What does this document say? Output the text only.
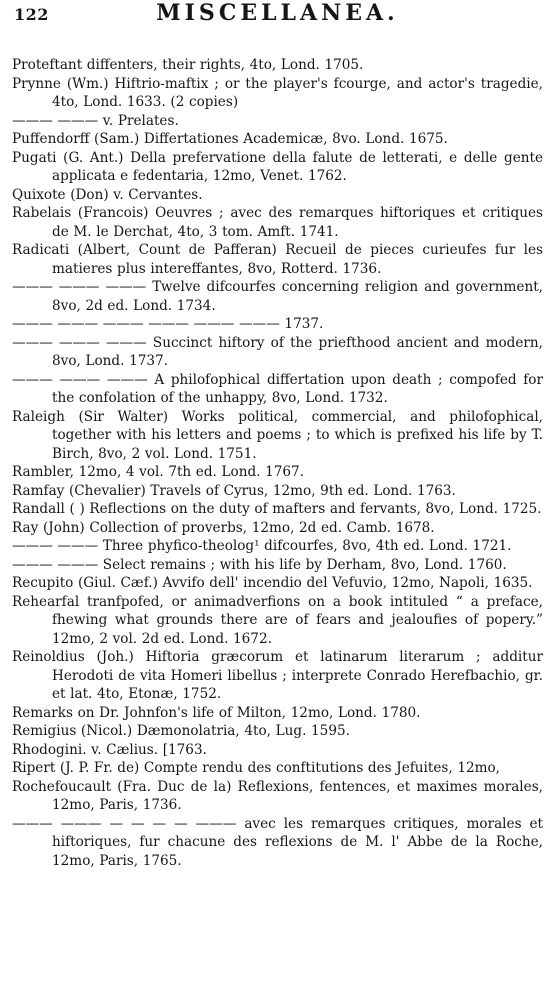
122	MISCELLANEA.

Proteftant diffenters, their rights, 4to, Lond. 1705.

Prynne (Wm.) Hiftrio-maftix ; or the player's fcourge, and actor's tragedie, 4to, Lond. 1633. (2 copies)

——— ——— v. Prelates.

Puffendorff (Sam.) Differtationes Academicæ, 8vo. Lond. 1675.

Pugati (G. Ant.) Della prefervatione della falute de letterati, e delle gente applicata e fedentaria, 12mo, Venet. 1762.

Quixote (Don) v. Cervantes.

Rabelais (Francois) Oeuvres ; avec des remarques hiftoriques et critiques de M. le Derchat, 4to, 3 tom. Amft. 1741.

Radicati (Albert, Count de Pafferan) Recueil de pieces curieufes fur les matieres plus intereffantes, 8vo, Rotterd. 1736.

——— ——— ——— Twelve difcourfes concerning religion and government, 8vo, 2d ed. Lond. 1734.

——— ——— ——— ——— ——— ——— 1737.

——— ——— ——— Succinct hiftory of the priefthood ancient and modern, 8vo, Lond. 1737.

——— ——— ——— A philofophical differtation upon death ; compofed for the confolation of the unhappy, 8vo, Lond. 1732.

Raleigh (Sir Walter) Works political, commercial, and philofophical, together with his letters and poems ; to which is prefixed his life by T. Birch, 8vo, 2 vol. Lond. 1751.

Rambler, 12mo, 4 vol. 7th ed. Lond. 1767.

Ramfay (Chevalier) Travels of Cyrus, 12mo, 9th ed. Lond. 1763.

Randall ( ) Reflections on the duty of mafters and fervants, 8vo, Lond. 1725.

Ray (John) Collection of proverbs, 12mo, 2d ed. Camb. 1678.

——— ——— Three phyfico-theolog¹ difcourfes, 8vo, 4th ed. Lond. 1721.

——— ——— Select remains ; with his life by Derham, 8vo, Lond. 1760.

Recupito (Giul. Cæf.) Avvifo dell' incendio del Vefuvio, 12mo, Napoli, 1635.

Rehearfal tranfpofed, or animadverfions on a book intituled “ a preface, fhewing what grounds there are of fears and jealoufies of popery.” 12mo, 2 vol. 2d ed. Lond. 1672.

Reinoldius (Joh.) Hiftoria græcorum et latinarum literarum ; additur Herodoti de vita Homeri libellus ; interprete Conrado Herefbachio, gr. et lat. 4to, Etonæ, 1752.

Remarks on Dr. Johnfon's life of Milton, 12mo, Lond. 1780.

Remigius (Nicol.) Dæmonolatria, 4to, Lug. 1595.

Rhodogini. v. Cælius. [1763.

Ripert (J. P. Fr. de) Compte rendu des conftitutions des Jefuites, 12mo,

Rochefoucault (Fra. Duc de la) Reflexions, fentences, et maximes morales, 12mo, Paris, 1736.

——— ——— — — — — ——— avec les remarques critiques, morales et hiftoriques, fur chacune des reflexions de M. l' Abbe de la Roche, 12mo, Paris, 1765.
